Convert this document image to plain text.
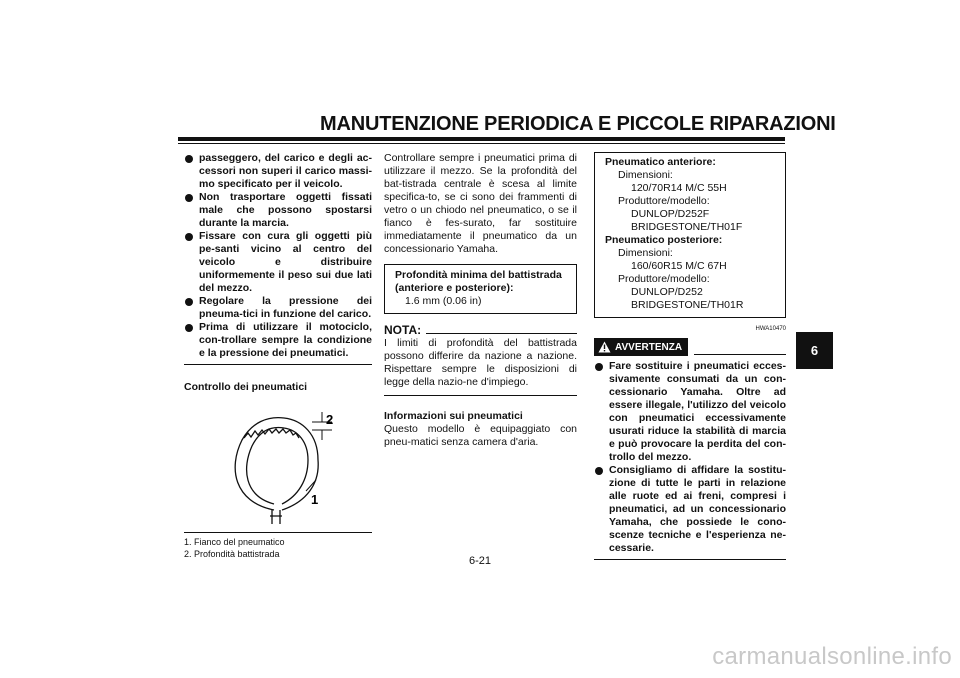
MANUTENZIONE PERIODICA E PICCOLE RIPARAZIONI
passeggero, del carico e degli ac-cessori non superi il carico massi-mo specificato per il veicolo.
Non trasportare oggetti fissati male che possono spostarsi durante la marcia.
Fissare con cura gli oggetti più pe-santi vicino al centro del veicolo e distribuire uniformemente il peso sui due lati del mezzo.
Regolare la pressione dei pneuma-tici in funzione del carico.
Prima di utilizzare il motociclo, con-trollare sempre la condizione e la pressione dei pneumatici.
Controllo dei pneumatici
2
1
1. Fianco del pneumatico
2. Profondità battistrada
Controllare sempre i pneumatici prima di utilizzare il mezzo. Se la profondità del bat-tistrada centrale è scesa al limite specifica-to, se ci sono dei frammenti di vetro o un chiodo nel pneumatico, o se il fianco è fes-surato, far sostituire immediatamente il pneumatico da un concessionario Yamaha.
Profondità minima del battistrada (anteriore e posteriore):
1.6 mm (0.06 in)
NOTA:
I limiti di profondità del battistrada possono differire da nazione a nazione. Rispettare sempre le disposizioni di legge della nazio-ne d'impiego.
Informazioni sui pneumatici
Questo modello è equipaggiato con pneu-matici senza camera d'aria.
Pneumatico anteriore:
Dimensioni:
120/70R14 M/C 55H
Produttore/modello:
DUNLOP/D252F
BRIDGESTONE/TH01F
Pneumatico posteriore:
Dimensioni:
160/60R15 M/C 67H
Produttore/modello:
DUNLOP/D252
BRIDGESTONE/TH01R
HWA10470
AVVERTENZA
Fare sostituire i pneumatici ecces-sivamente consumati da un con-cessionario Yamaha. Oltre ad essere illegale, l'utilizzo del veicolo con pneumatici eccessivamente usurati riduce la stabilità di marcia e può provocare la perdita del con-trollo del mezzo.
Consigliamo di affidare la sostitu-zione di tutte le parti in relazione alle ruote ed ai freni, compresi i pneumatici, ad un concessionario Yamaha, che possiede le cono-scenze tecniche e l'esperienza ne-cessarie.
6
6-21
carmanualsonline.info
